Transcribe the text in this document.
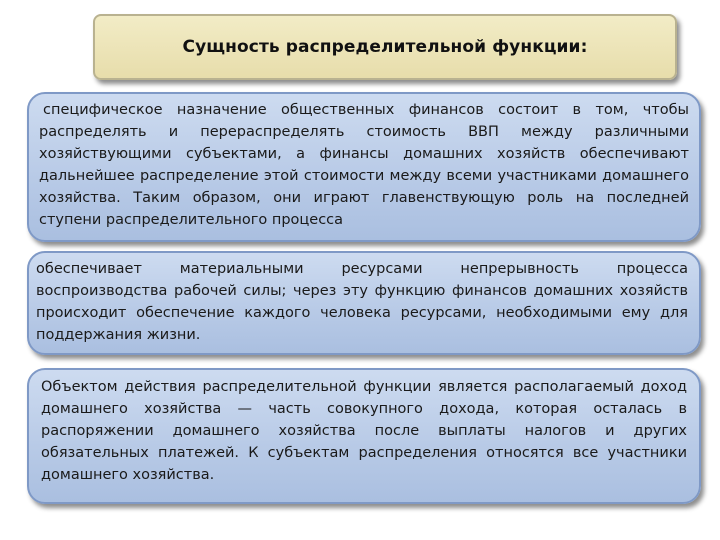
Сущность распределительной функции:

специфическое назначение общественных финансов состоит в том, чтобы распределять и перераспределять стоимость ВВП между различными хозяйствующими субъектами, а финансы домашних хозяйств обеспечивают дальнейшее распределение этой стоимости между всеми участниками домашнего хозяйства. Таким образом, они играют главенствующую роль на последней ступени распределительного процесса

обеспечивает материальными ресурсами непрерывность процесса воспроизводства рабочей силы; через эту функцию финансов домашних хозяйств происходит обеспечение каждого человека ресурсами, необходимыми ему для поддержания жизни.

Объектом действия распределительной функции является располагаемый доход домашнего хозяйства — часть совокупного дохода, которая осталась в распоряжении домашнего хозяйства после выплаты налогов и других обязательных платежей. К субъектам распределения относятся все участники домашнего хозяйства.
